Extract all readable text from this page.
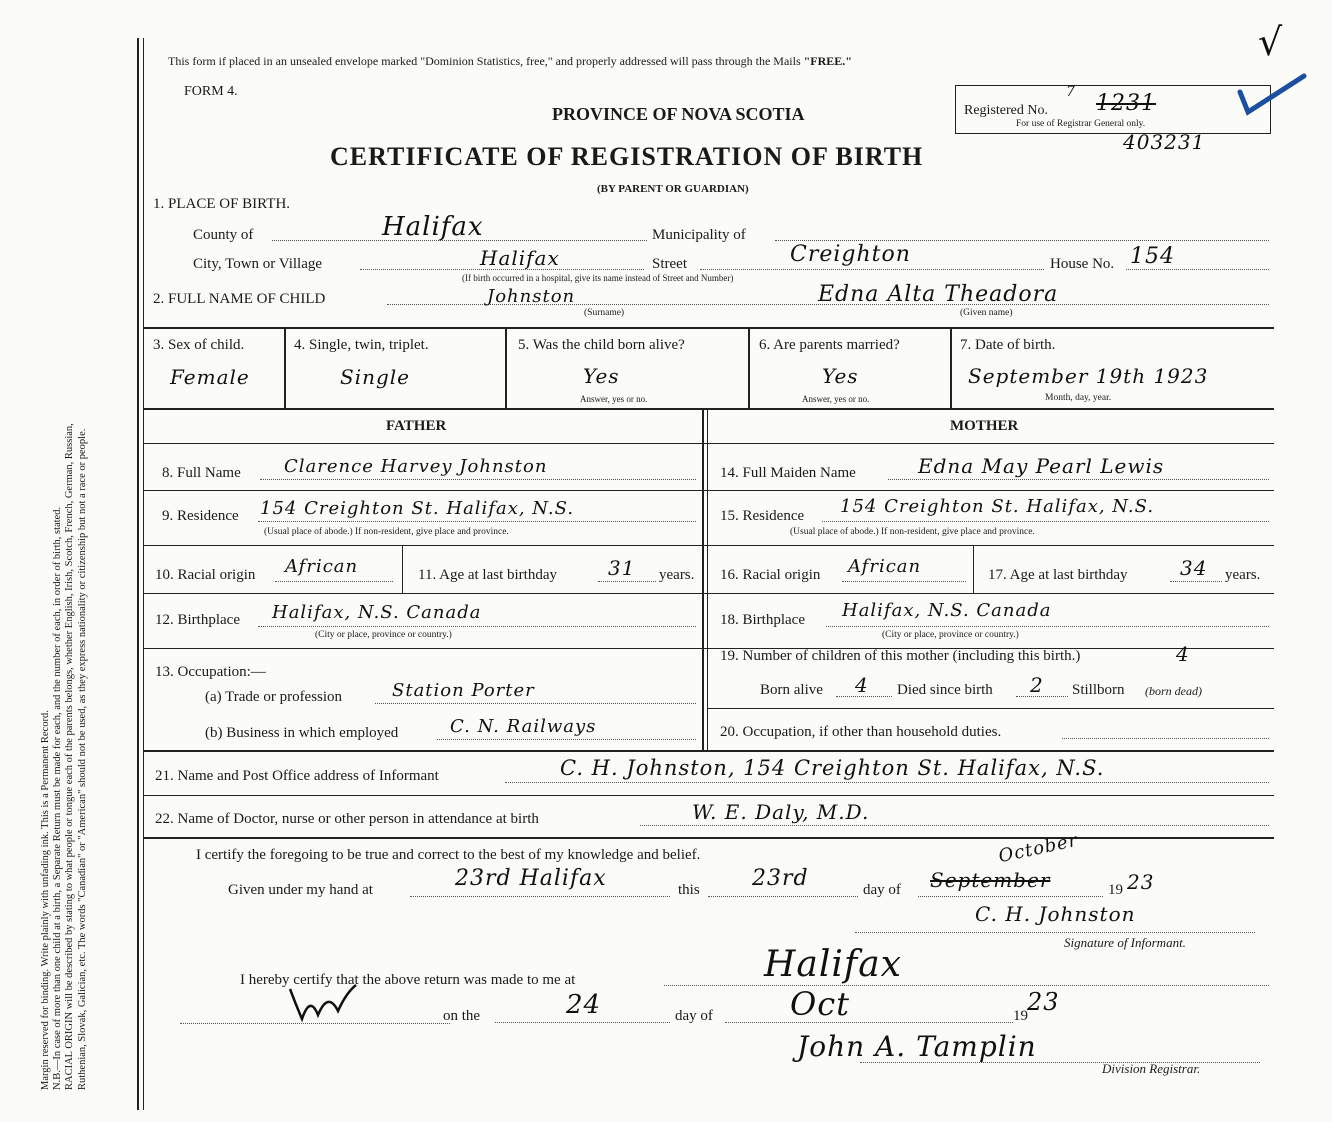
Margin reserved for binding. Write plainly with unfading ink. This is a Permanent Record. N.B.—In case of more than one child at a birth, a Separate Return must be made for each, and the number of each, in order of birth, stated. RACIAL ORIGIN will be described by stating to what people or tongue each of the parents belongs, whether English, Irish, Scotch, French, German, Russian, Ruthenian, Slovak, Galician, etc. The words "Canadian" or "American" should not be used, as they express nationality or citizenship but not a race or people.
This form if placed in an unsealed envelope marked "Dominion Statistics, free," and properly addressed will pass through the Mails "FREE."
FORM 4.
PROVINCE OF NOVA SCOTIA
CERTIFICATE OF REGISTRATION OF BIRTH
(BY PARENT OR GUARDIAN)
Registered No.
7 1231
For use of Registrar General only.
403231
√
1. PLACE OF BIRTH.
County of	Halifax	Municipality of
City, Town or Village	Halifax	Street	Creighton	House No. 154
(If birth occurred in a hospital, give its name instead of Street and Number)
2. FULL NAME OF CHILD	Johnston
(Surname)
Edna Alta Theadora
(Given name)
3. Sex of child.
Female
4. Single, twin, triplet.
Single
5. Was the child born alive?
Yes
Answer, yes or no.
6. Are parents married?
Yes
Answer, yes or no.
7. Date of birth.
September 19th 1923
Month, day, year.
FATHER	MOTHER
8. Full Name Clarence Harvey Johnston
9. Residence 154 Creighton St. Halifax, N.S.
(Usual place of abode.) If non-resident, give place and province.
10. Racial origin African	11. Age at last birthday	31 years.
12. Birthplace Halifax, N.S. Canada
(City or place, province or country.)
13. Occupation:—
(a) Trade or profession	Station Porter
(b) Business in which employed	C. N. Railways
14. Full Maiden Name	Edna May Pearl Lewis
15. Residence 154 Creighton St. Halifax, N.S.
(Usual place of abode.) If non-resident, give place and province.
16. Racial origin African	17. Age at last birthday	34 years.
18. Birthplace Halifax, N.S. Canada
(City or place, province or country.)
19. Number of children of this mother (including this birth.)	4
Born alive 4 Died since birth 2 Stillborn (born dead)
20. Occupation, if other than household duties.
21. Name and Post Office address of Informant	C. H. Johnston, 154 Creighton St. Halifax, N.S.
22. Name of Doctor, nurse or other person in attendance at birth	W. E. Daly, M.D.
I certify the foregoing to be true and correct to the best of my knowledge and belief.
Given under my hand at	23rd Halifax	this 23rd	day of September
October
19 23
C. H. Johnston
Signature of Informant.
I hereby certify that the above return was made to me at	Halifax
on the	24	day of Oct	19 23
John A. Tamplin
Division Registrar.
